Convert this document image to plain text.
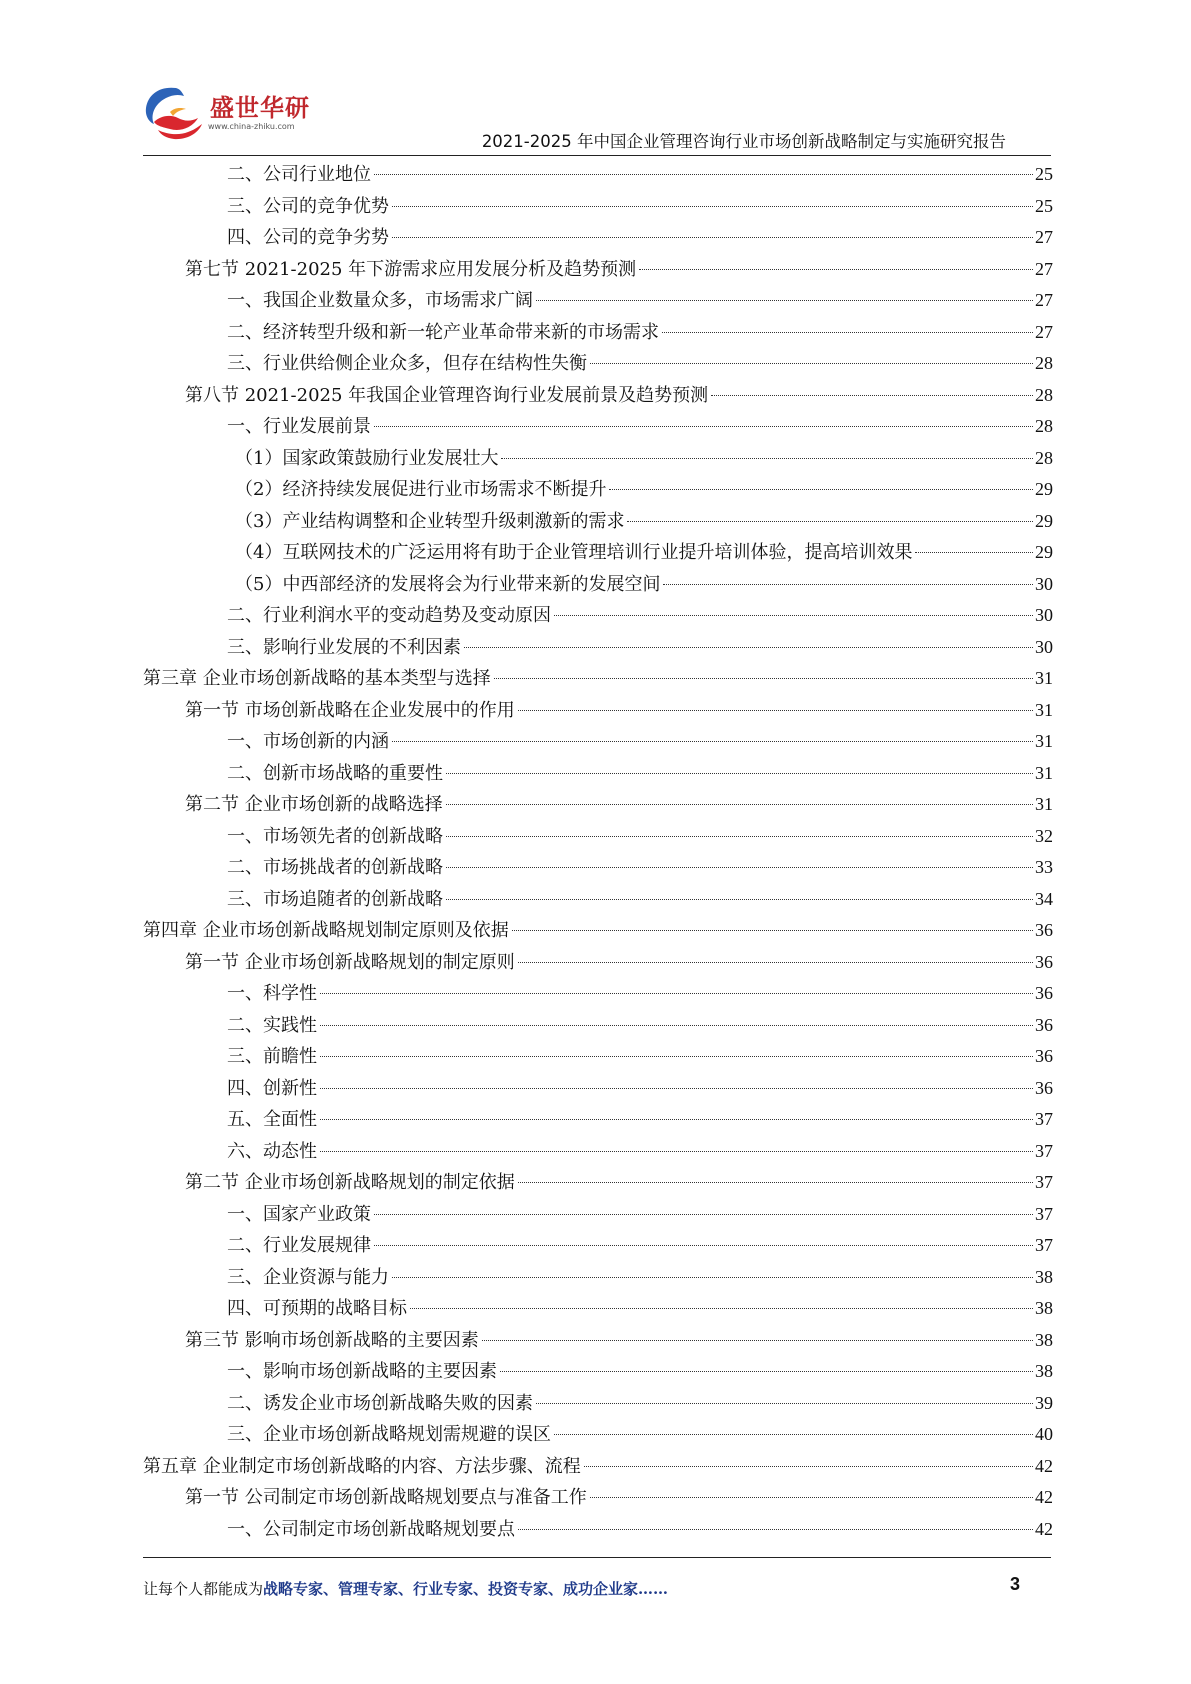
盛世华研
www.china-zhiku.com
2021-2025 年中国企业管理咨询行业市场创新战略制定与实施研究报告
二、公司行业地位	25
三、公司的竞争优势	25
四、公司的竞争劣势	27
第七节 2021-2025 年下游需求应用发展分析及趋势预测	27
一、我国企业数量众多，市场需求广阔	27
二、经济转型升级和新一轮产业革命带来新的市场需求	27
三、行业供给侧企业众多，但存在结构性失衡	28
第八节 2021-2025 年我国企业管理咨询行业发展前景及趋势预测	28
一、行业发展前景	28
（1）国家政策鼓励行业发展壮大	28
（2）经济持续发展促进行业市场需求不断提升	29
（3）产业结构调整和企业转型升级刺激新的需求	29
（4）互联网技术的广泛运用将有助于企业管理培训行业提升培训体验，提高培训效果	29
（5）中西部经济的发展将会为行业带来新的发展空间	30
二、行业利润水平的变动趋势及变动原因	30
三、影响行业发展的不利因素	30
第三章 企业市场创新战略的基本类型与选择	31
第一节 市场创新战略在企业发展中的作用	31
一、市场创新的内涵	31
二、创新市场战略的重要性	31
第二节 企业市场创新的战略选择	31
一、市场领先者的创新战略	32
二、市场挑战者的创新战略	33
三、市场追随者的创新战略	34
第四章 企业市场创新战略规划制定原则及依据	36
第一节 企业市场创新战略规划的制定原则	36
一、科学性	36
二、实践性	36
三、前瞻性	36
四、创新性	36
五、全面性	37
六、动态性	37
第二节 企业市场创新战略规划的制定依据	37
一、国家产业政策	37
二、行业发展规律	37
三、企业资源与能力	38
四、可预期的战略目标	38
第三节 影响市场创新战略的主要因素	38
一、影响市场创新战略的主要因素	38
二、诱发企业市场创新战略失败的因素	39
三、企业市场创新战略规划需规避的误区	40
第五章 企业制定市场创新战略的内容、方法步骤、流程	42
第一节 公司制定市场创新战略规划要点与准备工作	42
一、公司制定市场创新战略规划要点	42
让每个人都能成为战略专家、管理专家、行业专家、投资专家、成功企业家……	3
